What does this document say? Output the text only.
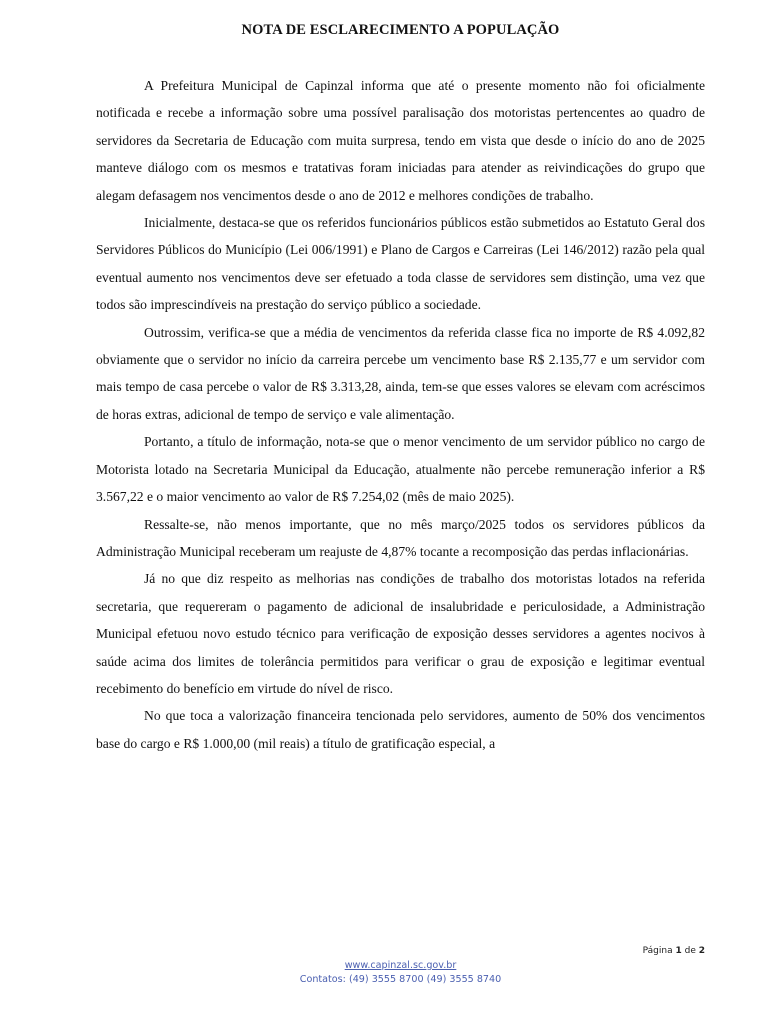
NOTA DE ESCLARECIMENTO A POPULAÇÃO

A Prefeitura Municipal de Capinzal informa que até o presente momento não foi oficialmente notificada e recebe a informação sobre uma possível paralisação dos motoristas pertencentes ao quadro de servidores da Secretaria de Educação com muita surpresa, tendo em vista que desde o início do ano de 2025 manteve diálogo com os mesmos e tratativas foram iniciadas para atender as reivindicações do grupo que alegam defasagem nos vencimentos desde o ano de 2012 e melhores condições de trabalho.

Inicialmente, destaca-se que os referidos funcionários públicos estão submetidos ao Estatuto Geral dos Servidores Públicos do Município (Lei 006/1991) e Plano de Cargos e Carreiras (Lei 146/2012) razão pela qual eventual aumento nos vencimentos deve ser efetuado a toda classe de servidores sem distinção, uma vez que todos são imprescindíveis na prestação do serviço público a sociedade.

Outrossim, verifica-se que a média de vencimentos da referida classe fica no importe de R$ 4.092,82 obviamente que o servidor no início da carreira percebe um vencimento base R$ 2.135,77 e um servidor com mais tempo de casa percebe o valor de R$ 3.313,28, ainda, tem-se que esses valores se elevam com acréscimos de horas extras, adicional de tempo de serviço e vale alimentação.

Portanto, a título de informação, nota-se que o menor vencimento de um servidor público no cargo de Motorista lotado na Secretaria Municipal da Educação, atualmente não percebe remuneração inferior a R$ 3.567,22 e o maior vencimento ao valor de R$ 7.254,02 (mês de maio 2025).

Ressalte-se, não menos importante, que no mês março/2025 todos os servidores públicos da Administração Municipal receberam um reajuste de 4,87% tocante a recomposição das perdas inflacionárias.

Já no que diz respeito as melhorias nas condições de trabalho dos motoristas lotados na referida secretaria, que requereram o pagamento de adicional de insalubridade e periculosidade, a Administração Municipal efetuou novo estudo técnico para verificação de exposição desses servidores a agentes nocivos à saúde acima dos limites de tolerância permitidos para verificar o grau de exposição e legitimar eventual recebimento do benefício em virtude do nível de risco.

No que toca a valorização financeira tencionada pelo servidores, aumento de 50% dos vencimentos base do cargo e R$ 1.000,00 (mil reais) a título de gratificação especial, a

Página 1 de 2
www.capinzal.sc.gov.br
Contatos: (49) 3555 8700 (49) 3555 8740
